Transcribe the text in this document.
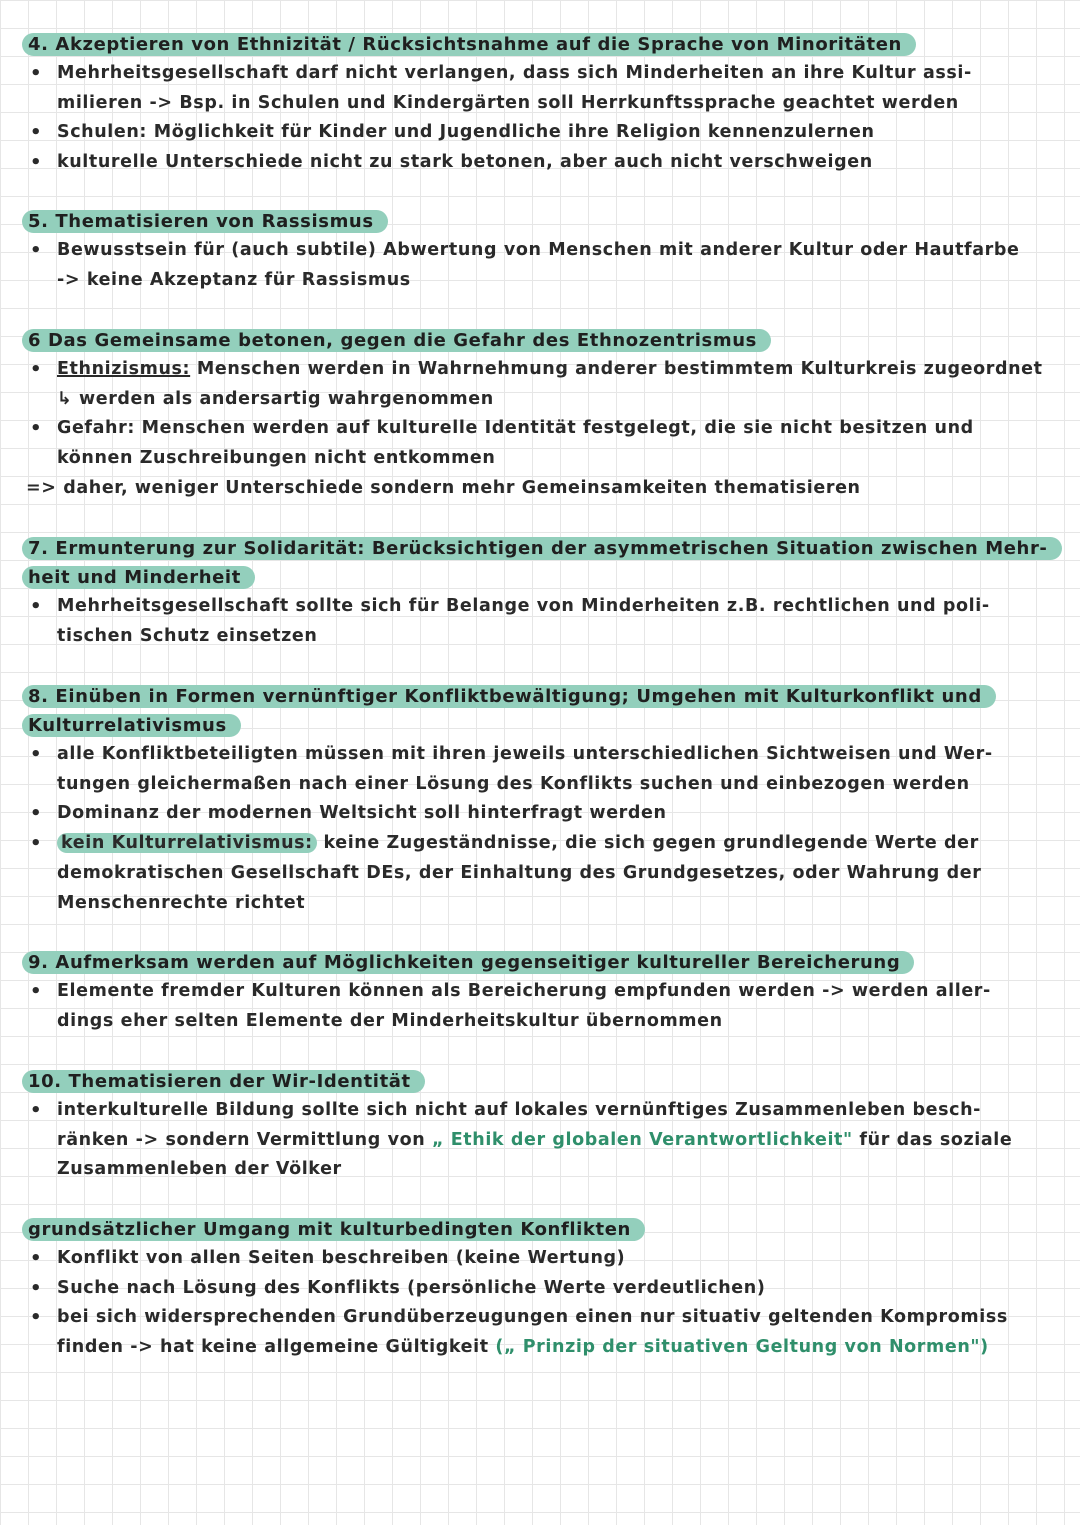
4. Akzeptieren von Ethnizität / Rücksichtsnahme auf die Sprache von Minoritäten

• Mehrheitsgesellschaft darf nicht verlangen, dass sich Minderheiten an ihre Kultur assi-
milieren -> Bsp. in Schulen und Kindergärten soll Herrkunftssprache geachtet werden
• Schulen: Möglichkeit für Kinder und Jugendliche ihre Religion kennenzulernen
• kulturelle Unterschiede nicht zu stark betonen, aber auch nicht verschweigen

5. Thematisieren von Rassismus

• Bewusstsein für (auch subtile) Abwertung von Menschen mit anderer Kultur oder Hautfarbe
-> keine Akzeptanz für Rassismus

6 Das Gemeinsame betonen, gegen die Gefahr des Ethnozentrismus

• Ethnizismus: Menschen werden in Wahrnehmung anderer bestimmtem Kulturkreis zugeordnet
↳ werden als andersartig wahrgenommen
• Gefahr: Menschen werden auf kulturelle Identität festgelegt, die sie nicht besitzen und
können Zuschreibungen nicht entkommen
=> daher, weniger Unterschiede sondern mehr Gemeinsamkeiten thematisieren

7. Ermunterung zur Solidarität: Berücksichtigen der asymmetrischen Situation zwischen Mehr-
heit und Minderheit

• Mehrheitsgesellschaft sollte sich für Belange von Minderheiten z.B. rechtlichen und poli-
tischen Schutz einsetzen

8. Einüben in Formen vernünftiger Konfliktbewältigung; Umgehen mit Kulturkonflikt und
Kulturrelativismus

• alle Konfliktbeteiligten müssen mit ihren jeweils unterschiedlichen Sichtweisen und Wer-
tungen gleichermaßen nach einer Lösung des Konflikts suchen und einbezogen werden
• Dominanz der modernen Weltsicht soll hinterfragt werden
• kein Kulturrelativismus: keine Zugeständnisse, die sich gegen grundlegende Werte der
demokratischen Gesellschaft DEs, der Einhaltung des Grundgesetzes, oder Wahrung der
Menschenrechte richtet

9. Aufmerksam werden auf Möglichkeiten gegenseitiger kultureller Bereicherung

• Elemente fremder Kulturen können als Bereicherung empfunden werden -> werden aller-
dings eher selten Elemente der Minderheitskultur übernommen

10. Thematisieren der Wir-Identität

• interkulturelle Bildung sollte sich nicht auf lokales vernünftiges Zusammenleben besch-
ränken -> sondern Vermittlung von „ Ethik der globalen Verantwortlichkeit" für das soziale
Zusammenleben der Völker

grundsätzlicher Umgang mit kulturbedingten Konflikten

• Konflikt von allen Seiten beschreiben (keine Wertung)
• Suche nach Lösung des Konflikts (persönliche Werte verdeutlichen)
• bei sich widersprechenden Grundüberzeugungen einen nur situativ geltenden Kompromiss
finden -> hat keine allgemeine Gültigkeit („ Prinzip der situativen Geltung von Normen")
